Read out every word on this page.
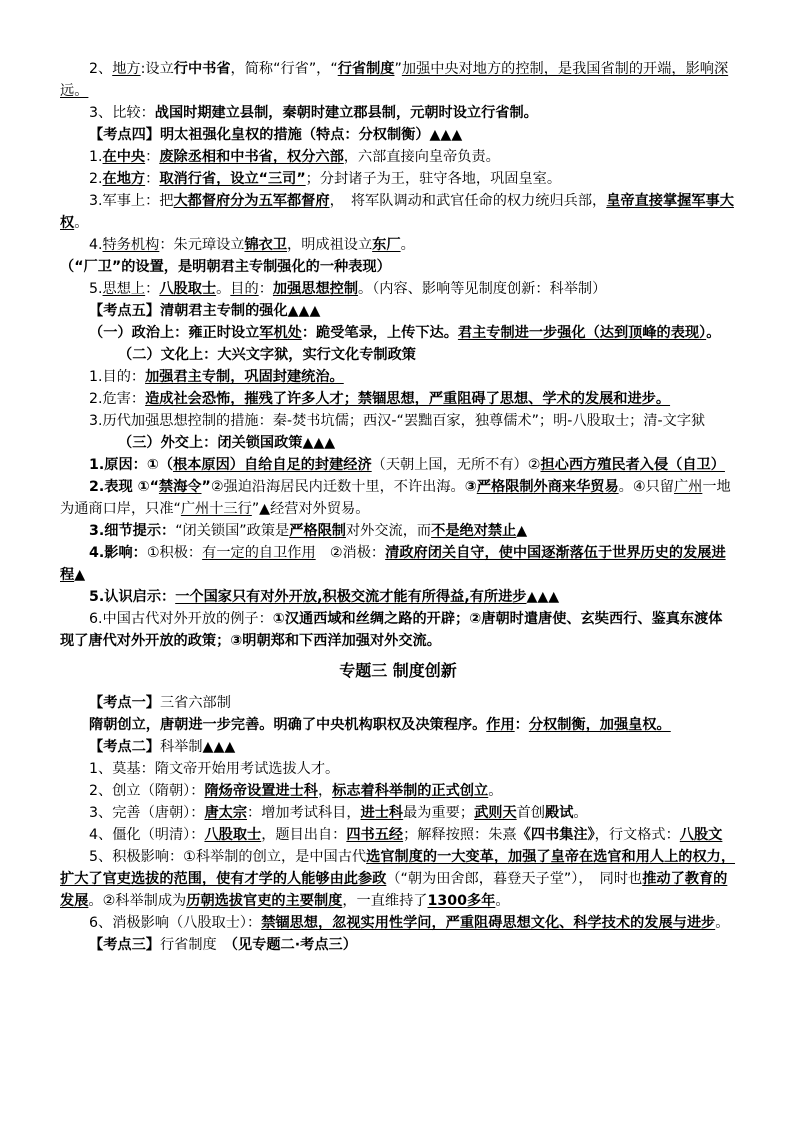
2、地方:设立行中书省，简称“行省”，“行省制度”加强中央对地方的控制，是我国省制的开端，影响深远。

3、比较：战国时期建立县制，秦朝时建立郡县制，元朝时设立行省制。

【考点四】明太祖强化皇权的措施（特点：分权制衡）▲▲▲

1.在中央：废除丞相和中书省，权分六部，六部直接向皇帝负责。

2.在地方：取消行省，设立“三司”；分封诸子为王，驻守各地，巩固皇室。

3.军事上：把大都督府分为五军都督府，　将军队调动和武官任命的权力统归兵部，皇帝直接掌握军事大权。

4.特务机构：朱元璋设立锦衣卫，明成祖设立东厂。（“厂卫”的设置，是明朝君主专制强化的一种表现）

5.思想上：八股取士。目的：加强思想控制。（内容、影响等见制度创新：科举制）

【考点五】清朝君主专制的强化▲▲▲

（一）政治上：雍正时设立军机处：跪受笔录，上传下达。君主专制进一步强化（达到顶峰的表现）。

（二）文化上：大兴文字狱，实行文化专制政策

1.目的：加强君主专制，巩固封建统治。

2.危害：造成社会恐怖，摧残了许多人才；禁锢思想，严重阻碍了思想、学术的发展和进步。

3.历代加强思想控制的措施：秦-焚书坑儒；西汉-“罢黜百家，独尊儒术”；明-八股取士；清-文字狱

（三）外交上：闭关锁国政策▲▲▲

1.原因：①（根本原因）自给自足的封建经济（天朝上国，无所不有）②担心西方殖民者入侵（自卫）

2.表现 ①“禁海令”②强迫沿海居民内迁数十里，不许出海。③严格限制外商来华贸易。④只留广州一地为通商口岸，只准“广州十三行”▲经营对外贸易。

3.细节提示：“闭关锁国”政策是严格限制对外交流，而不是绝对禁止▲

4.影响：①积极：有一定的自卫作用　②消极：清政府闭关自守，使中国逐渐落伍于世界历史的发展进程▲

5.认识启示：一个国家只有对外开放,积极交流才能有所得益,有所进步▲▲▲

6.中国古代对外开放的例子：①汉通西域和丝绸之路的开辟；②唐朝时遣唐使、玄奘西行、鉴真东渡体现了唐代对外开放的政策；③明朝郑和下西洋加强对外交流。

专题三 制度创新

【考点一】三省六部制

隋朝创立，唐朝进一步完善。明确了中央机构职权及决策程序。作用：分权制衡，加强皇权。

【考点二】科举制▲▲▲

1、莫基：隋文帝开始用考试选拔人才。

2、创立（隋朝）：隋炀帝设置进士科，标志着科举制的正式创立。

3、完善（唐朝）：唐太宗：增加考试科目，进士科最为重要；武则天首创殿试。

4、僵化（明清）：八股取士，题目出自：四书五经；解释按照：朱熹《四书集注》，行文格式：八股文

5、积极影响：①科举制的创立，是中国古代选官制度的一大变革，加强了皇帝在选官和用人上的权力，扩大了官吏选拔的范围，使有才学的人能够由此参政（“朝为田舍郎，暮登天子堂”），　同时也推动了教育的发展。②科举制成为历朝选拔官吏的主要制度，一直维持了1300多年。

6、消极影响（八股取士）：禁锢思想，忽视实用性学问，严重阻碍思想文化、科学技术的发展与进步。

【考点三】行省制度　（见专题二·考点三）
